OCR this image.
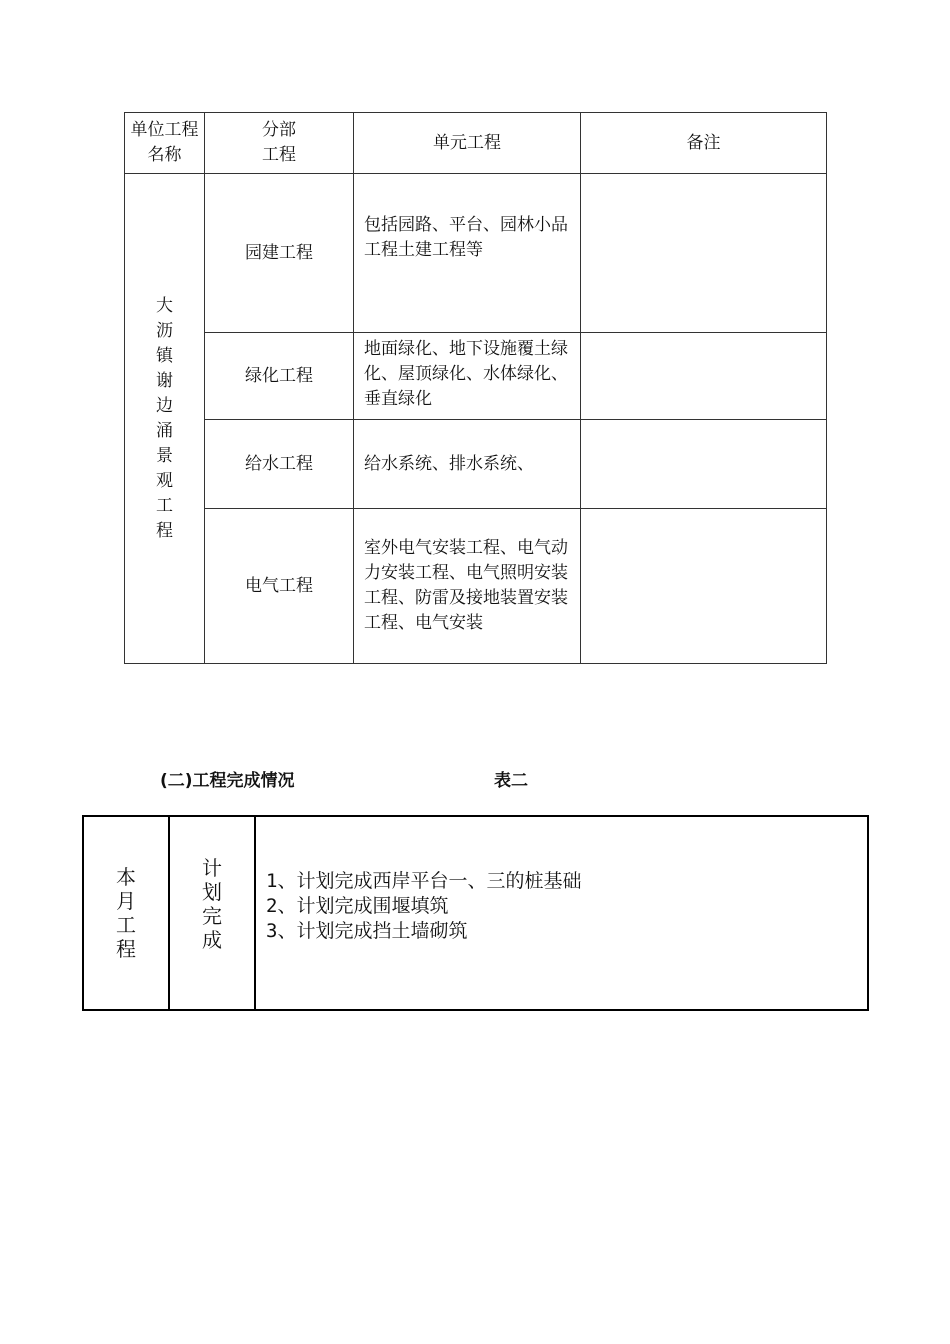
单位工程名称	分部工程	单元工程	备注
大沥镇谢边涌景观工程	园建工程	包括园路、平台、园林小品工程土建工程等	
	绿化工程	地面绿化、地下设施覆土绿化、屋顶绿化、水体绿化、垂直绿化	
	给水工程	给水系统、排水系统、	
	电气工程	室外电气安装工程、电气动力安装工程、电气照明安装工程、防雷及接地装置安装工程、电气安装	
(二)工程完成情况	表二
本月工程	计划完成	
1、计划完成西岸平台一、三的桩基础
2、计划完成围堰填筑
3、计划完成挡土墙砌筑
